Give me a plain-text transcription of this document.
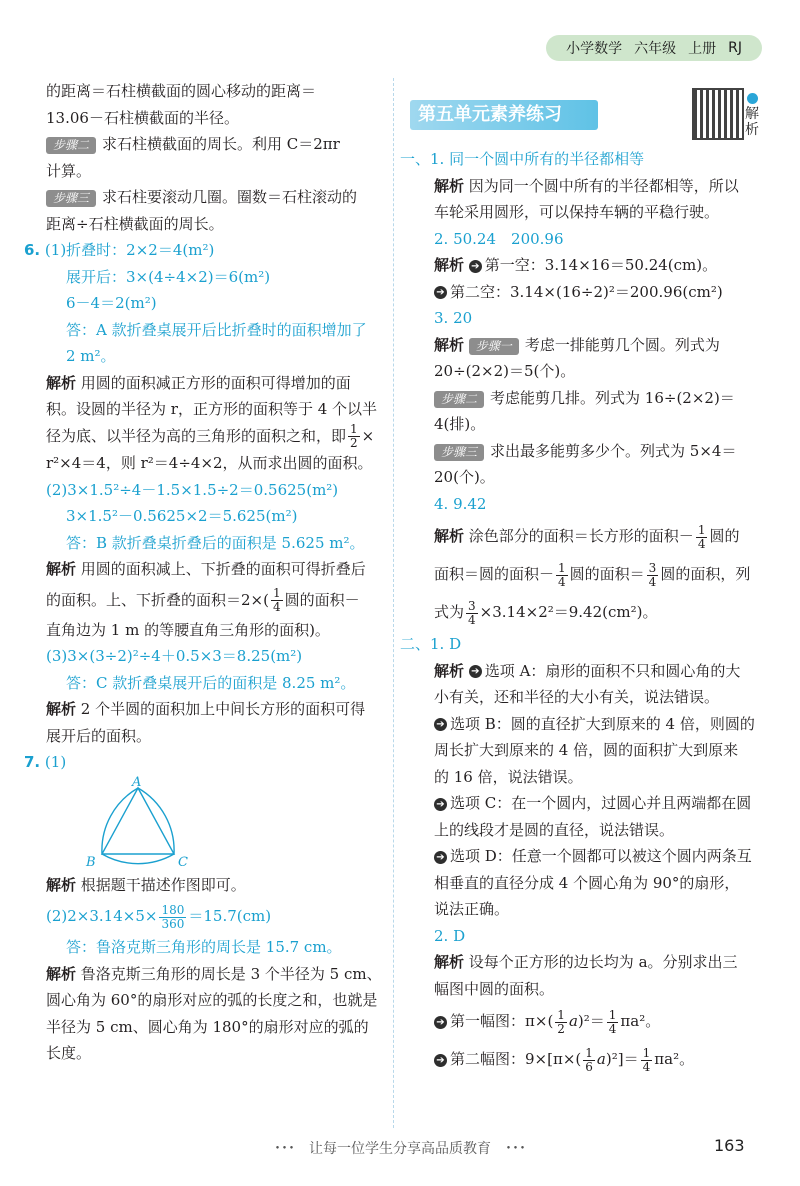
小学数学 六年级 上册 RJ
的距离＝石柱横截面的圆心移动的距离＝
13.06－石柱横截面的半径。
步骤二 求石柱横截面的周长。利用 C＝2πr
计算。
步骤三 求石柱要滚动几圈。圈数＝石柱滚动的
距离÷石柱横截面的周长。
6. (1)折叠时：2×2＝4(m²)
展开后：3×(4÷4×2)＝6(m²)
6－4＝2(m²)
答：A 款折叠桌展开后比折叠时的面积增加了
2 m²。
解析 用圆的面积减正方形的面积可得增加的面
积。设圆的半径为 r，正方形的面积等于 4 个以半
径为底、以半径为高的三角形的面积之和，即 $\frac{1}{2}$ ×
r²×4＝4，则 r²＝4÷4×2，从而求出圆的面积。
(2)3×1.5²÷4－1.5×1.5÷2＝0.5625(m²)
3×1.5²－0.5625×2＝5.625(m²)
答：B 款折叠桌折叠后的面积是 5.625 m²。
解析 用圆的面积减上、下折叠的面积可得折叠后
的面积。上、下折叠的面积$=2\times( \frac{1}{4}$ 圆的面积－
直角边为 1 m 的等腰直角三角形的面积)。
(3)3×(3÷2)²÷4＋0.5×3＝8.25(m²)
答：C 款折叠桌展开后的面积是 8.25 m²。
解析 2 个半圆的面积加上中间长方形的面积可得
展开后的面积。
7. (1)
A
B	C
解析 根据题干描述作图即可。
$(2)2\times 3.14\times 5\times \frac{180}{360} =15.7(cm)$
答：鲁洛克斯三角形的周长是 15.7 cm。
解析 鲁洛克斯三角形的周长是 3 个半径为 5 cm、
圆心角为 60°的扇形对应的弧的长度之和，也就是
半径为 5 cm、圆心角为 180°的扇形对应的弧的
长度。
第五单元素养练习	解析
一、1. 同一个圆中所有的半径都相等
解析 因为同一个圆中所有的半径都相等，所以
车轮采用圆形，可以保持车辆的平稳行驶。
2. 50.24　200.96
解析 ➔ 第一空：3.14×16＝50.24(cm)。
➔ 第二空：3.14×(16÷2)²＝200.96(cm²)
3. 20
解析 步骤一 考虑一排能剪几个圆。列式为
20÷(2×2)＝5(个)。
步骤二 考虑能剪几排。列式为 16÷(2×2)＝
4(排)。
步骤三 求出最多能剪多少个。列式为 5×4＝
20(个)。
4. 9.42
解析 涂色部分的面积＝长方形的面积－ $\frac{1}{4}$ 圆的
面积＝圆的面积－ $\frac{1}{4}$ 圆的面积＝ $\frac{3}{4}$ 圆的面积，列
式为 $\frac{3}{4} \times 3.14\times 2^2=9.42(cm^2)$。
二、1. D
解析 ➔ 选项 A：扇形的面积不只和圆心角的大
小有关，还和半径的大小有关，说法错误。
➔ 选项 B：圆的直径扩大到原来的 4 倍，则圆的
周长扩大到原来的 4 倍，圆的面积扩大到原来
的 16 倍，说法错误。
➔ 选项 C：在一个圆内，过圆心并且两端都在圆
上的线段才是圆的直径，说法错误。
➔ 选项 D：任意一个圆都可以被这个圆内两条互
相垂直的直径分成 4 个圆心角为 90°的扇形，
说法正确。
2. D
解析 设每个正方形的边长均为 a。分别求出三
幅图中圆的面积。
➔ 第一幅图：$\pi\times( \frac{1}{2} a)^2= \frac{1}{4} \pi a^2$。
➔ 第二幅图：$9\times[\pi\times( \frac{1}{6} a)^2]= \frac{1}{4} \pi a^2$。
･･･　让每一位学生分享高品质教育　･･･	163
